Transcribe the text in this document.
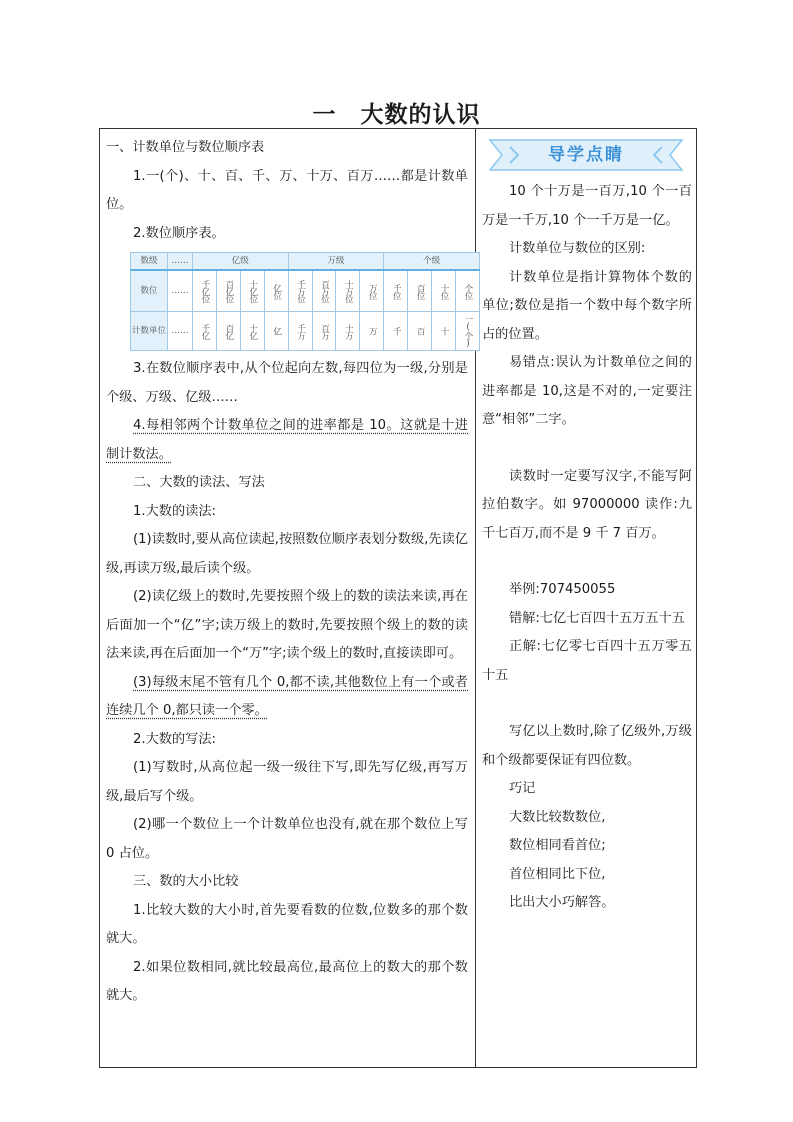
一　大数的认识

一、计数单位与数位顺序表

1.一(个)、十、百、千、万、十万、百万……都是计数单位。

2.数位顺序表。

数级	……	亿级				万级				个级			
数位	……	千亿位	百亿位	十亿位	亿位	千万位	百万位	十万位	万位	千位	百位	十位	个位
计数单位	……	千亿	百亿	十亿	亿	千万	百万	十万	万	千	百	十	一(个)

3.在数位顺序表中,从个位起向左数,每四位为一级,分别是个级、万级、亿级……

4.每相邻两个计数单位之间的进率都是 10。这就是十进制计数法。

二、大数的读法、写法

1.大数的读法:

(1)读数时,要从高位读起,按照数位顺序表划分数级,先读亿级,再读万级,最后读个级。

(2)读亿级上的数时,先要按照个级上的数的读法来读,再在后面加一个“亿”字;读万级上的数时,先要按照个级上的数的读法来读,再在后面加一个“万”字;读个级上的数时,直接读即可。

(3)每级末尾不管有几个 0,都不读,其他数位上有一个或者连续几个 0,都只读一个零。

2.大数的写法:

(1)写数时,从高位起一级一级往下写,即先写亿级,再写万级,最后写个级。

(2)哪一个数位上一个计数单位也没有,就在那个数位上写 0 占位。

三、数的大小比较

1.比较大数的大小时,首先要看数的位数,位数多的那个数就大。

2.如果位数相同,就比较最高位,最高位上的数大的那个数就大。

导学点睛

10 个十万是一百万,10 个一百万是一千万,10 个一千万是一亿。

计数单位与数位的区别:

计数单位是指计算物体个数的单位;数位是指一个数中每个数字所占的位置。

易错点:误认为计数单位之间的进率都是 10,这是不对的,一定要注意“相邻”二字。

读数时一定要写汉字,不能写阿拉伯数字。如 97000000 读作:九千七百万,而不是 9 千 7 百万。

举例:707450055

错解:七亿七百四十五万五十五

正解:七亿零七百四十五万零五十五

写亿以上数时,除了亿级外,万级和个级都要保证有四位数。

巧记

大数比较数数位,

数位相同看首位;

首位相同比下位,

比出大小巧解答。
